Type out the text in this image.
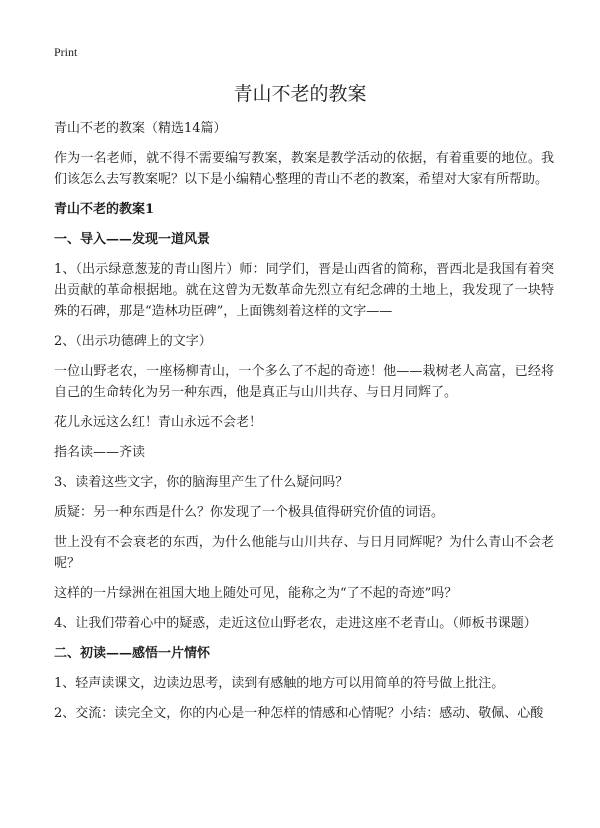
Print
青山不老的教案

青山不老的教案（精选14篇）

作为一名老师，就不得不需要编写教案，教案是教学活动的依据，有着重要的地位。我们该怎么去写教案呢？以下是小编精心整理的青山不老的教案，希望对大家有所帮助。

青山不老的教案1

一、导入——发现一道风景

1、（出示绿意葱茏的青山图片）师：同学们，晋是山西省的简称，晋西北是我国有着突出贡献的革命根据地。就在这曾为无数革命先烈立有纪念碑的土地上，我发现了一块特殊的石碑，那是“造林功臣碑”，上面镌刻着这样的文字——

2、（出示功德碑上的文字）

一位山野老农，一座杨柳青山，一个多么了不起的奇迹！他——栽树老人高富，已经将自己的生命转化为另一种东西，他是真正与山川共存、与日月同辉了。

花儿永远这么红！青山永远不会老！

指名读——齐读

3、读着这些文字，你的脑海里产生了什么疑问吗？

质疑：另一种东西是什么？你发现了一个极具值得研究价值的词语。

世上没有不会衰老的东西，为什么他能与山川共存、与日月同辉呢？为什么青山不会老呢？

这样的一片绿洲在祖国大地上随处可见，能称之为“了不起的奇迹”吗？

4、让我们带着心中的疑惑，走近这位山野老农，走进这座不老青山。（师板书课题）

二、初读——感悟一片情怀

1、轻声读课文，边读边思考，读到有感触的地方可以用简单的符号做上批注。

2、交流：读完全文，你的内心是一种怎样的情感和心情呢？小结：感动、敬佩、心酸
